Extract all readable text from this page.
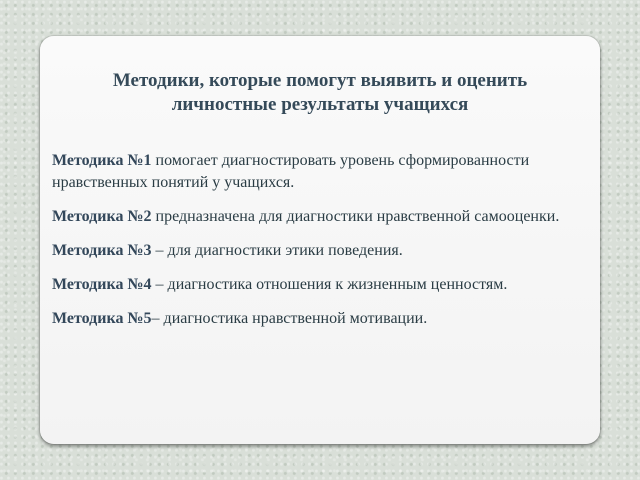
Методики, которые помогут выявить и оценить личностные результаты учащихся
Методика №1 помогает диагностировать уровень сформированности нравственных понятий у учащихся.
Методика №2 предназначена для диагностики нравственной самооценки.
Методика №3 – для диагностики этики поведения.
Методика №4 – диагностика отношения к жизненным ценностям.
Методика №5– диагностика нравственной мотивации.
